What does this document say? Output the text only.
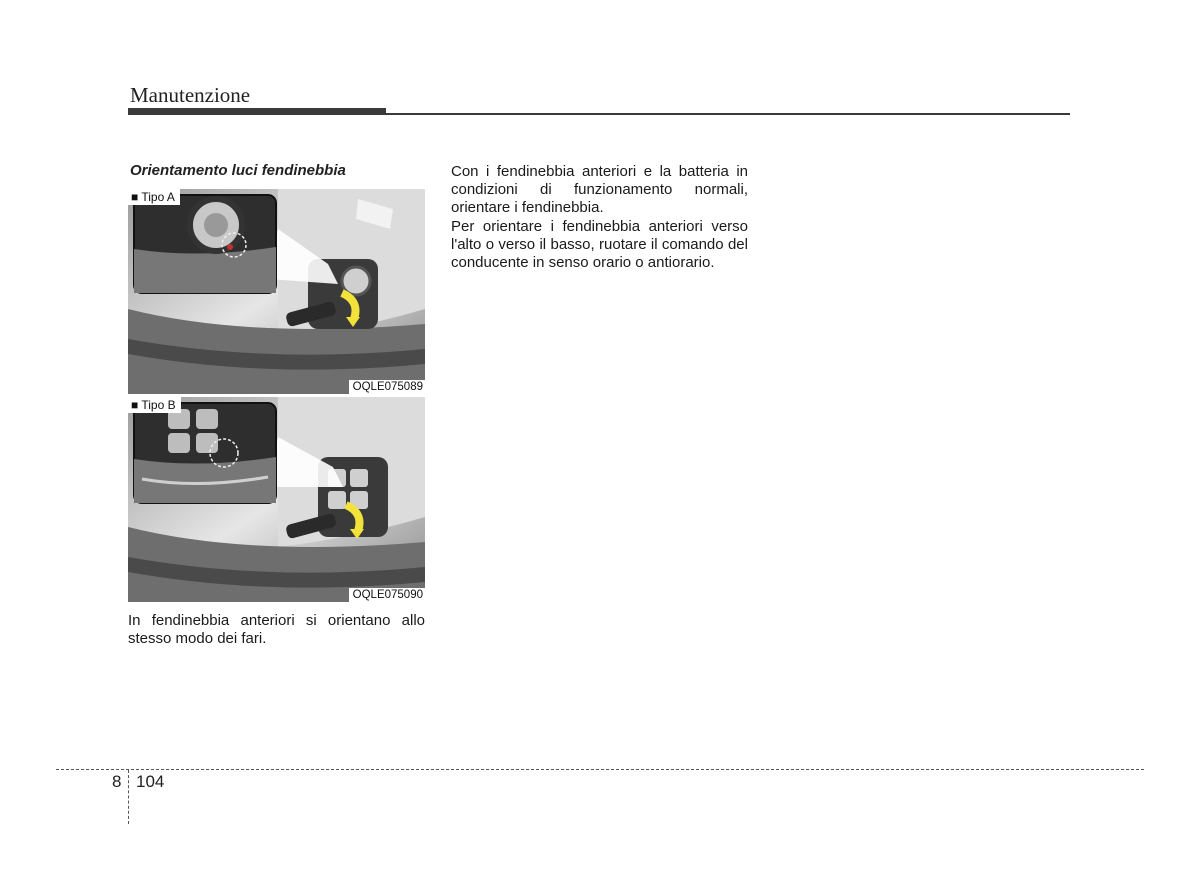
Manutenzione
Orientamento luci fendinebbia
■ Tipo A
OQLE075089
■ Tipo B
OQLE075090

In fendinebbia anteriori si orientano allo stesso modo dei fari.

Con i fendinebbia anteriori e la batteria in condizioni di funzionamento normali, orientare i fendinebbia.

Per orientare i fendinebbia anteriori verso l'alto o verso il basso, ruotare il comando del conducente in senso orario o antiorario.

8 104
